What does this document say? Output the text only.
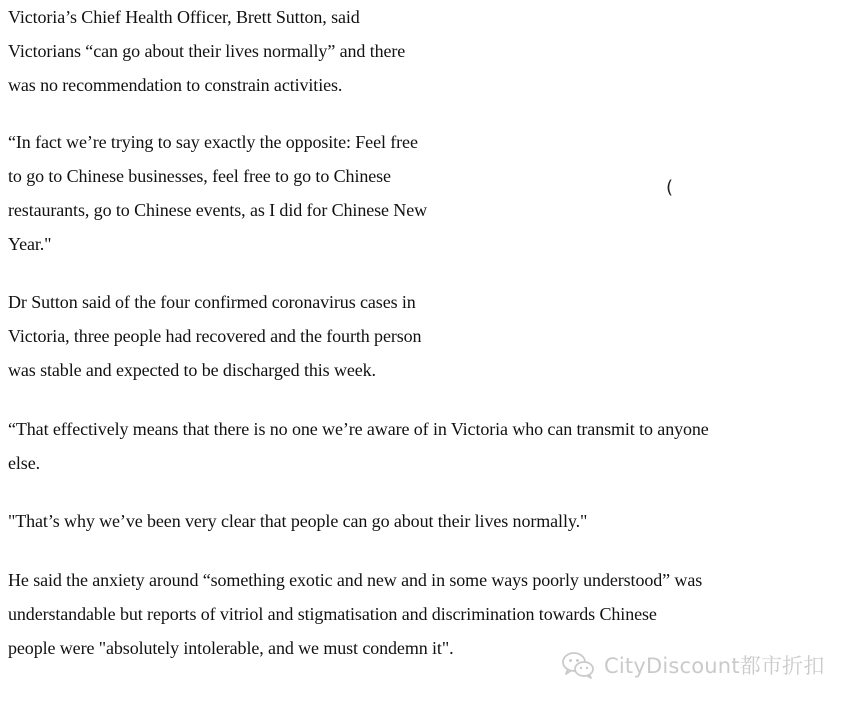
Victoria’s Chief Health Officer, Brett Sutton, said
Victorians “can go about their lives normally” and there
was no recommendation to constrain activities.
“In fact we’re trying to say exactly the opposite: Feel free
to go to Chinese businesses, feel free to go to Chinese
restaurants, go to Chinese events, as I did for Chinese New
Year."
Dr Sutton said of the four confirmed coronavirus cases in
Victoria, three people had recovered and the fourth person
was stable and expected to be discharged this week.
“That effectively means that there is no one we’re aware of in Victoria who can transmit to anyone
else.
"That’s why we’ve been very clear that people can go about their lives normally."
He said the anxiety around “something exotic and new and in some ways poorly understood” was
understandable but reports of vitriol and stigmatisation and discrimination towards Chinese
people were "absolutely intolerable, and we must condemn it".
(
CityDiscount都市折扣
